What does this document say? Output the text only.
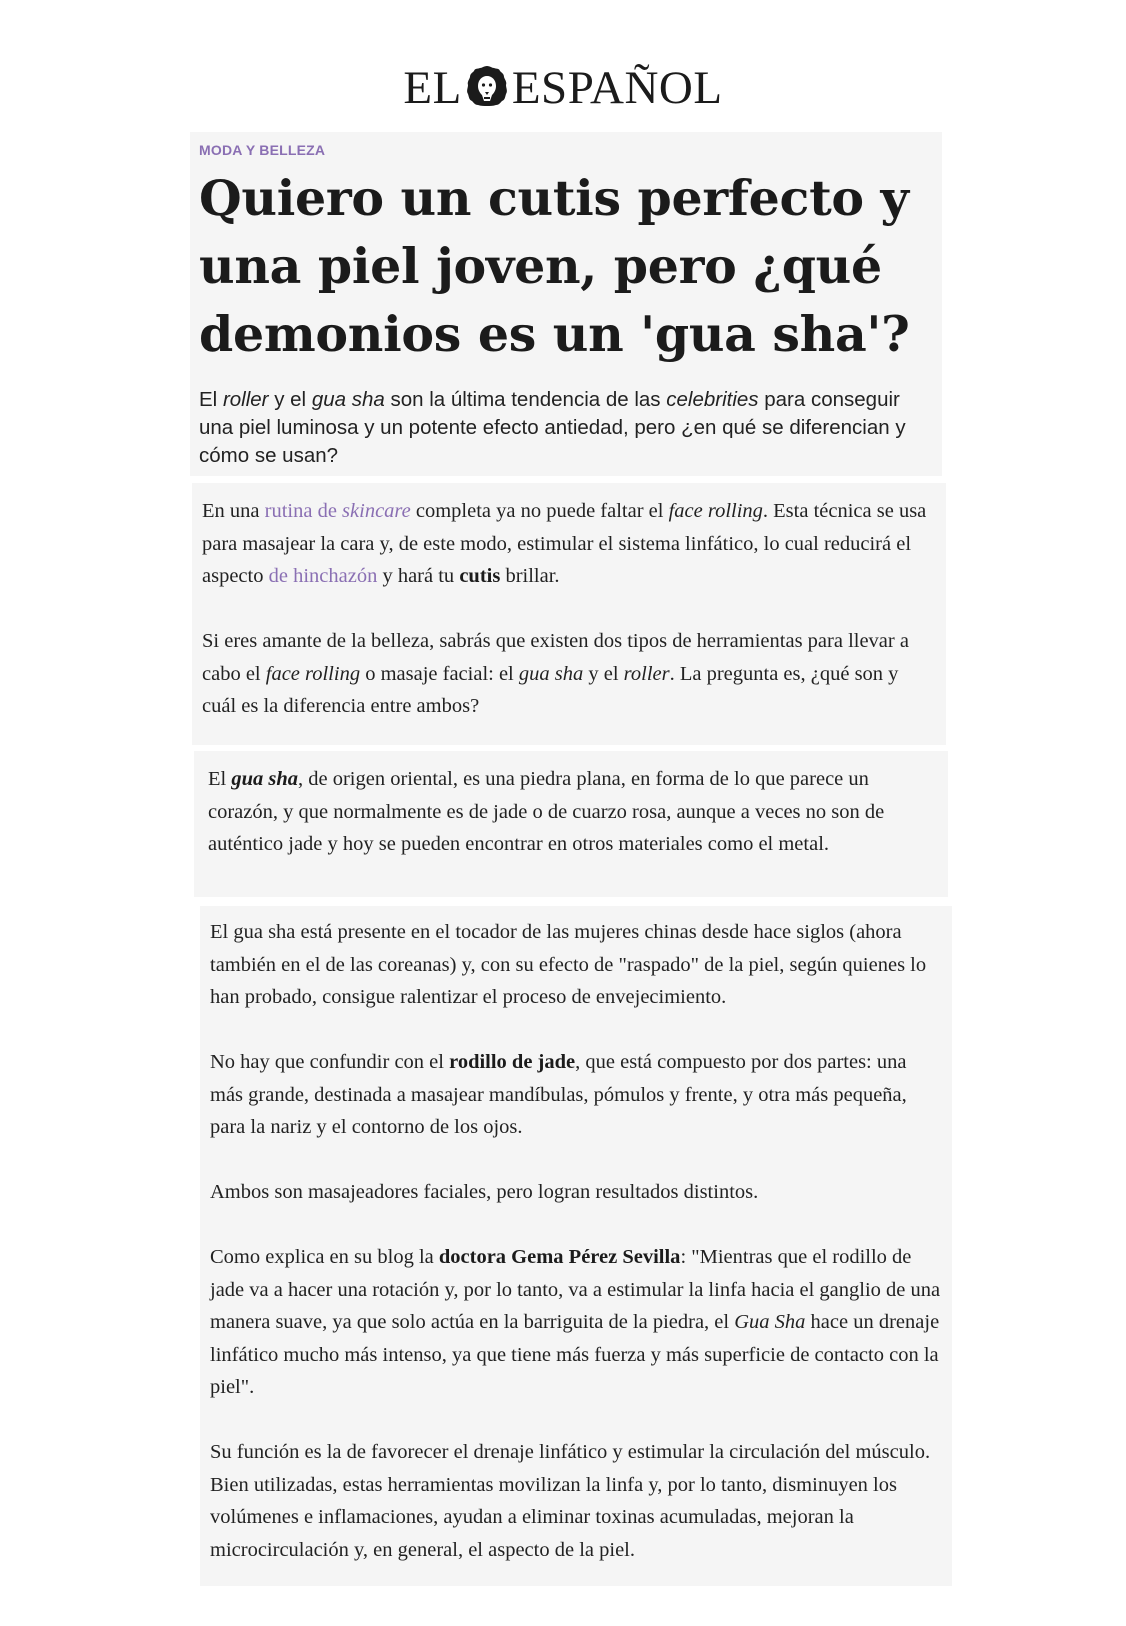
EL ESPAÑOL

MODA Y BELLEZA

Quiero un cutis perfecto y una piel joven, pero ¿qué demonios es un 'gua sha'?

El roller y el gua sha son la última tendencia de las celebrities para conseguir una piel luminosa y un potente efecto antiedad, pero ¿en qué se diferencian y cómo se usan?

En una rutina de skincare completa ya no puede faltar el face rolling. Esta técnica se usa para masajear la cara y, de este modo, estimular el sistema linfático, lo cual reducirá el aspecto de hinchazón y hará tu cutis brillar.

Si eres amante de la belleza, sabrás que existen dos tipos de herramientas para llevar a cabo el face rolling o masaje facial: el gua sha y el roller. La pregunta es, ¿qué son y cuál es la diferencia entre ambos?

El gua sha, de origen oriental, es una piedra plana, en forma de lo que parece un corazón, y que normalmente es de jade o de cuarzo rosa, aunque a veces no son de auténtico jade y hoy se pueden encontrar en otros materiales como el metal.

El gua sha está presente en el tocador de las mujeres chinas desde hace siglos (ahora también en el de las coreanas) y, con su efecto de "raspado" de la piel, según quienes lo han probado, consigue ralentizar el proceso de envejecimiento.

No hay que confundir con el rodillo de jade, que está compuesto por dos partes: una más grande, destinada a masajear mandíbulas, pómulos y frente, y otra más pequeña, para la nariz y el contorno de los ojos.

Ambos son masajeadores faciales, pero logran resultados distintos.

Como explica en su blog la doctora Gema Pérez Sevilla: "Mientras que el rodillo de jade va a hacer una rotación y, por lo tanto, va a estimular la linfa hacia el ganglio de una manera suave, ya que solo actúa en la barriguita de la piedra, el Gua Sha hace un drenaje linfático mucho más intenso, ya que tiene más fuerza y más superficie de contacto con la piel".

Su función es la de favorecer el drenaje linfático y estimular la circulación del músculo. Bien utilizadas, estas herramientas movilizan la linfa y, por lo tanto, disminuyen los volúmenes e inflamaciones, ayudan a eliminar toxinas acumuladas, mejoran la microcirculación y, en general, el aspecto de la piel.
